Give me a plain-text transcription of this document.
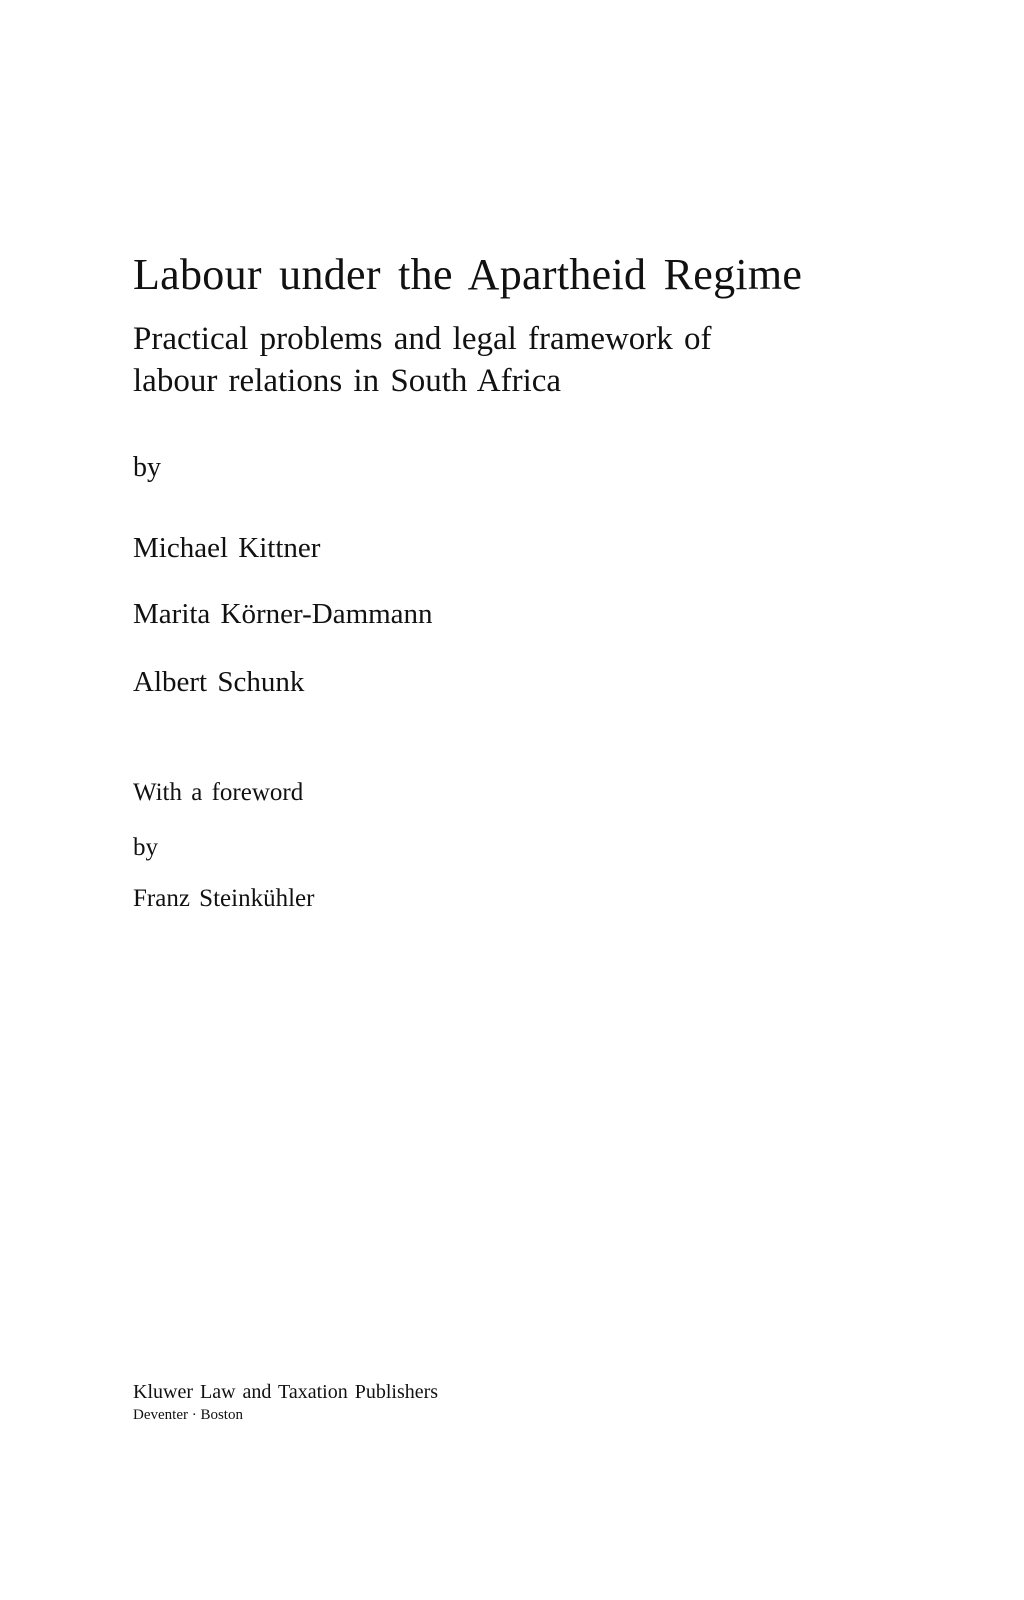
Labour under the Apartheid Regime
Practical problems and legal framework of
labour relations in South Africa
by
Michael Kittner
Marita Körner-Dammann
Albert Schunk
With a foreword
by
Franz Steinkühler
Kluwer Law and Taxation Publishers
Deventer · Boston
